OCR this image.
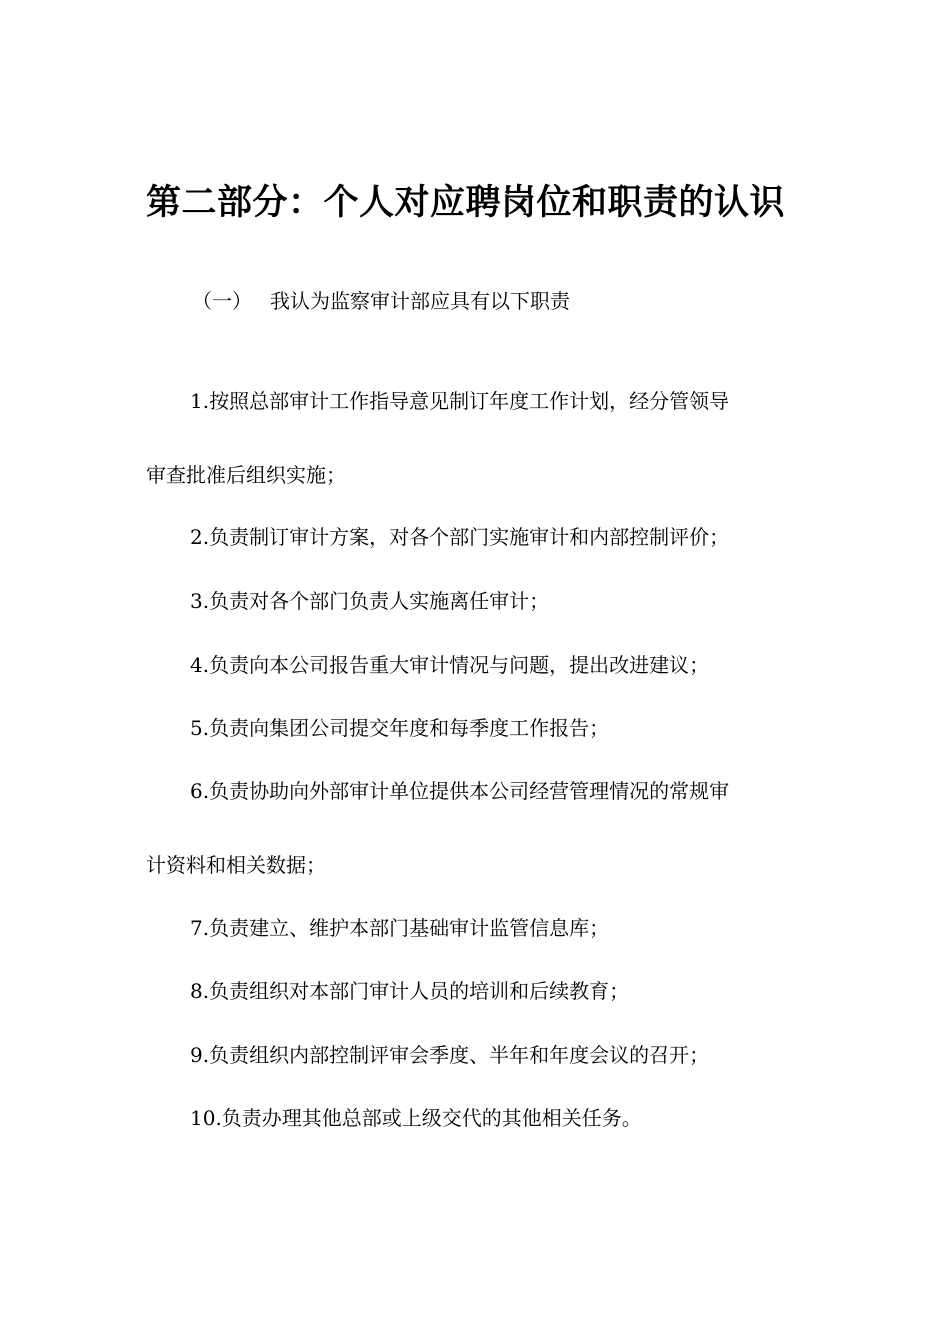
第二部分：个人对应聘岗位和职责的认识
（一） 我认为监察审计部应具有以下职责
1.按照总部审计工作指导意见制订年度工作计划，经分管领导
审查批准后组织实施；
2.负责制订审计方案，对各个部门实施审计和内部控制评价；
3.负责对各个部门负责人实施离任审计；
4.负责向本公司报告重大审计情况与问题，提出改进建议；
5.负责向集团公司提交年度和每季度工作报告；
6.负责协助向外部审计单位提供本公司经营管理情况的常规审
计资料和相关数据；
7.负责建立、维护本部门基础审计监管信息库；
8.负责组织对本部门审计人员的培训和后续教育；
9.负责组织内部控制评审会季度、半年和年度会议的召开；
10.负责办理其他总部或上级交代的其他相关任务。
